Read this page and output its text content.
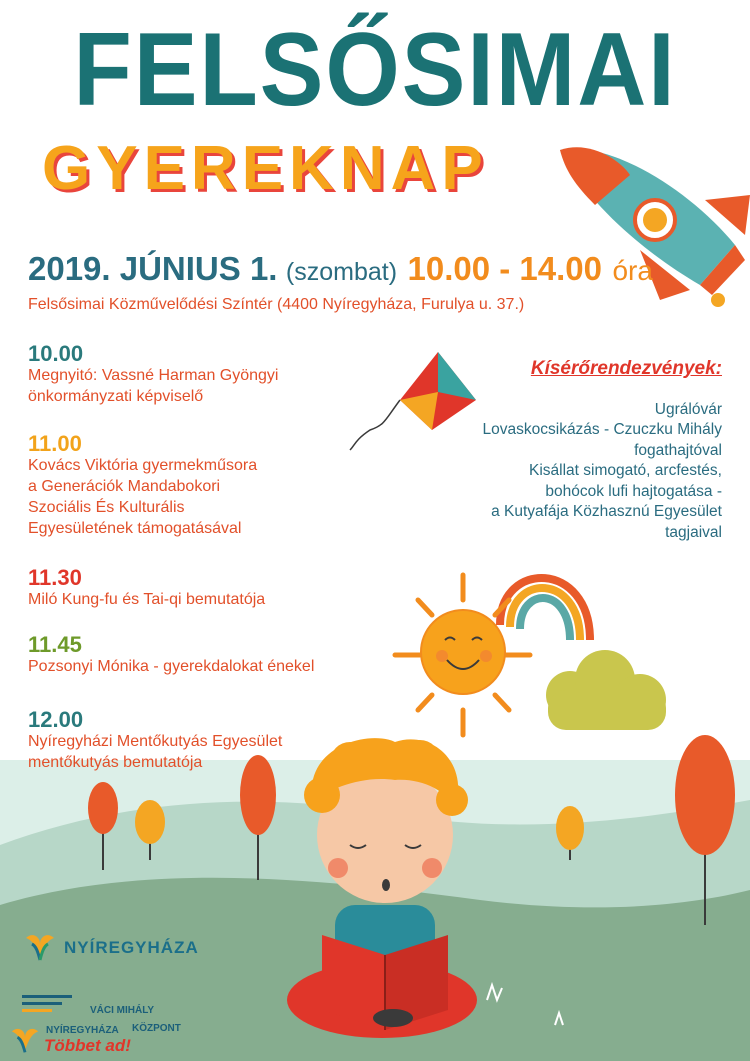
FELSŐSIMAI
GYEREKNAP
2019. JÚNIUS 1. (szombat) 10.00 - 14.00 óra
Felsősimai Közművelődési Színtér (4400 Nyíregyháza, Furulya u. 37.)
10.00
Megnyitó: Vassné Harman Gyöngyi
önkormányzati képviselő
11.00
Kovács Viktória gyermekműsora
a Generációk Mandabokori
Szociális És Kulturális
Egyesületének támogatásával
11.30
Miló Kung-fu és Tai-qi bemutatója
11.45
Pozsonyi Mónika - gyerekdalokat énekel
12.00
Nyíregyházi Mentőkutyás Egyesület
mentőkutyás bemutatója
Kísérőrendezvények:
Ugrálóvár
Lovaskocsikázás - Czuczku Mihály
fogathajtóval
Kisállat simogató, arcfestés,
bohócok lufi hajtogatása -
a Kutyafája Közhasznú Egyesület
tagjaival
NYÍREGYHÁZA
VÁCI MIHÁLY
KÖZPONT
NYÍREGYHÁZA
Többet ad!
